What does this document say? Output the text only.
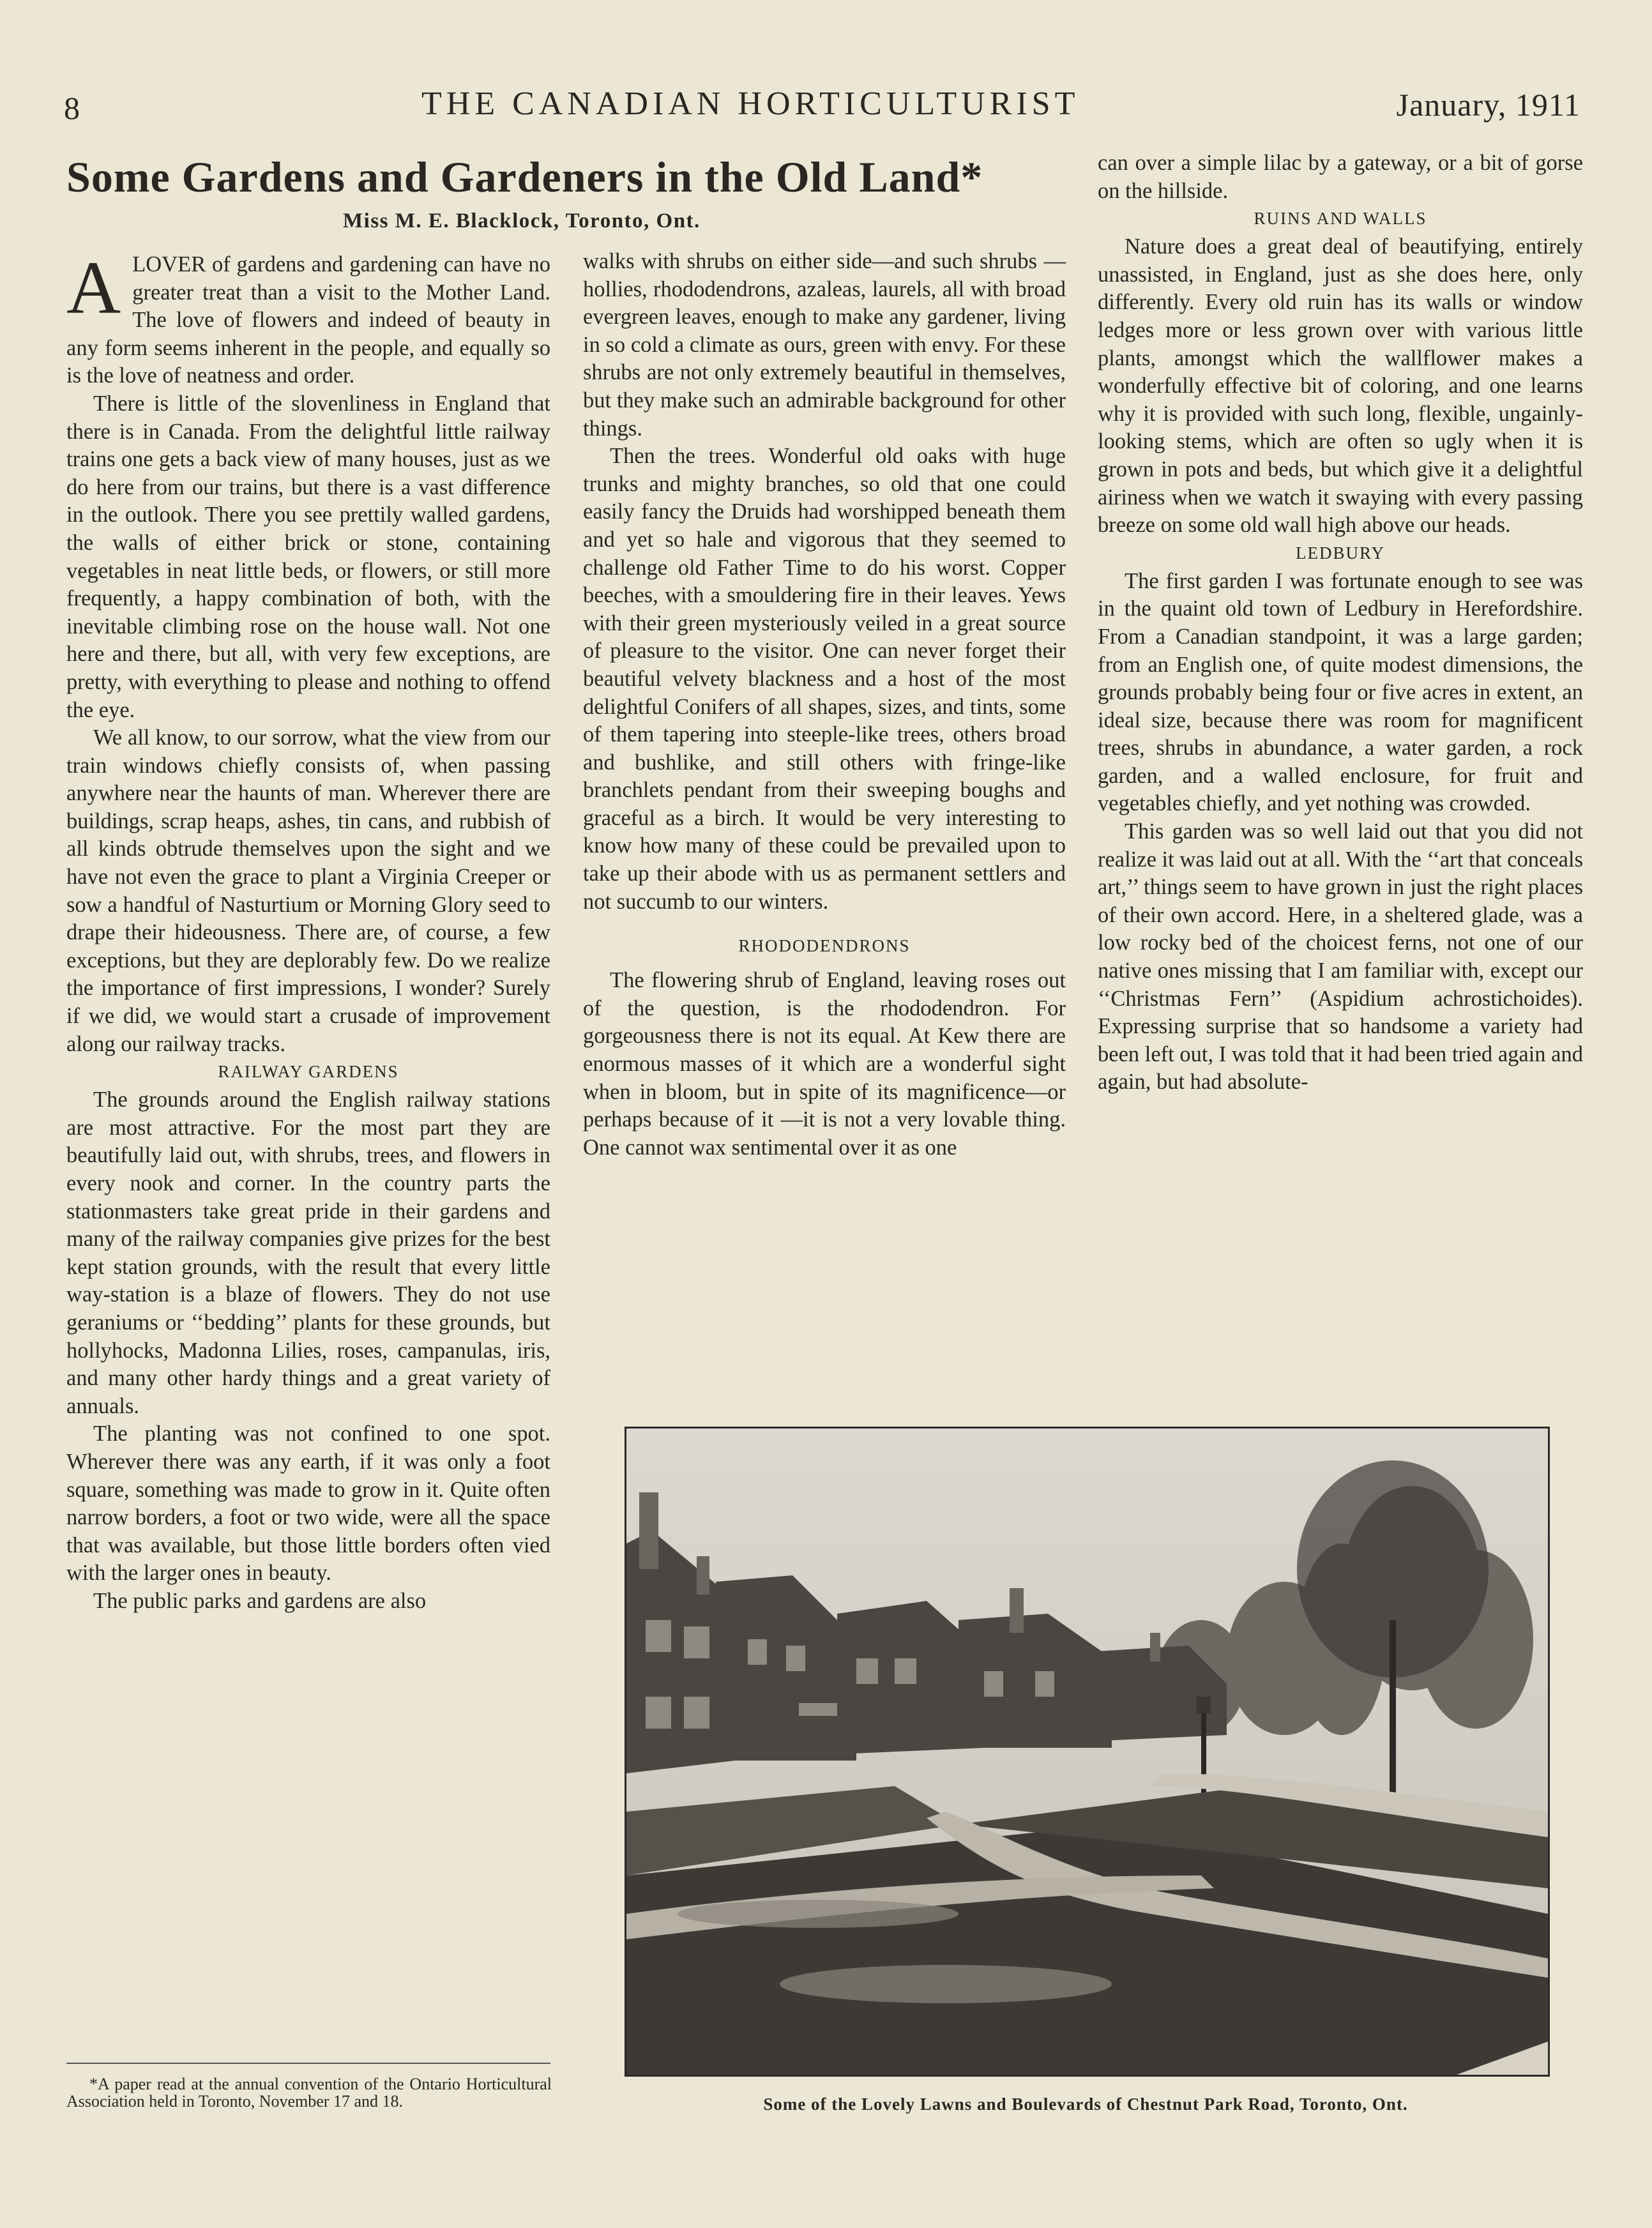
8	THE CANADIAN HORTICULTURIST	January, 1911
Some Gardens and Gardeners in the Old Land*
Miss M. E. Blacklock, Toronto, Ont.

ALOVER of gardens and gardening can have no greater treat than a visit to the Mother Land. The love of flowers and indeed of beauty in any form seems inherent in the people, and equally so is the love of neatness and order.

There is little of the slovenliness in England that there is in Canada. From the delightful little railway trains one gets a back view of many houses, just as we do here from our trains, but there is a vast difference in the outlook. There you see prettily walled gardens, the walls of either brick or stone, containing vegetables in neat little beds, or flowers, or still more frequently, a happy combination of both, with the inevitable climbing rose on the house wall. Not one here and there, but all, with very few exceptions, are pretty, with everything to please and nothing to offend the eye.

We all know, to our sorrow, what the view from our train windows chiefly consists of, when passing anywhere near the haunts of man. Wherever there are buildings, scrap heaps, ashes, tin cans, and rubbish of all kinds obtrude themselves upon the sight and we have not even the grace to plant a Virginia Creeper or sow a handful of Nasturtium or Morning Glory seed to drape their hideousness. There are, of course, a few exceptions, but they are deplorably few. Do we realize the importance of first impressions, I wonder? Surely if we did, we would start a crusade of improvement along our railway tracks.

RAILWAY GARDENS

The grounds around the English railway stations are most attractive. For the most part they are beautifully laid out, with shrubs, trees, and flowers in every nook and corner. In the country parts the stationmasters take great pride in their gardens and many of the railway companies give prizes for the best kept station grounds, with the result that every little way-station is a blaze of flowers. They do not use geraniums or ‘‘bedding’’ plants for these grounds, but hollyhocks, Madonna Lilies, roses, campanulas, iris, and many other hardy things and a great variety of annuals.

The planting was not confined to one spot. Wherever there was any earth, if it was only a foot square, something was made to grow in it. Quite often narrow borders, a foot or two wide, were all the space that was available, but those little borders often vied with the larger ones in beauty.

The public parks and gardens are also

walks with shrubs on either side—and such shrubs — hollies, rhododendrons, azaleas, laurels, all with broad evergreen leaves, enough to make any gardener, living in so cold a climate as ours, green with envy. For these shrubs are not only extremely beautiful in themselves, but they make such an admirable background for other things.

Then the trees. Wonderful old oaks with huge trunks and mighty branches, so old that one could easily fancy the Druids had worshipped beneath them and yet so hale and vigorous that they seemed to challenge old Father Time to do his worst. Copper beeches, with a smouldering fire in their leaves. Yews with their green mysteriously veiled in a great source of pleasure to the visitor. One can never forget their beautiful velvety blackness and a host of the most delightful Conifers of all shapes, sizes, and tints, some of them tapering into steeple-like trees, others broad and bushlike, and still others with fringe-like branchlets pendant from their sweeping boughs and graceful as a birch. It would be very interesting to know how many of these could be prevailed upon to take up their abode with us as permanent settlers and not succumb to our winters.

RHODODENDRONS

The flowering shrub of England, leaving roses out of the question, is the rhododendron. For gorgeousness there is not its equal. At Kew there are enormous masses of it which are a wonderful sight when in bloom, but in spite of its magnificence—or perhaps because of it —it is not a very lovable thing. One cannot wax sentimental over it as one

can over a simple lilac by a gateway, or a bit of gorse on the hillside.

RUINS AND WALLS

Nature does a great deal of beautifying, entirely unassisted, in England, just as she does here, only differently. Every old ruin has its walls or window ledges more or less grown over with various little plants, amongst which the wallflower makes a wonderfully effective bit of coloring, and one learns why it is provided with such long, flexible, ungainly-looking stems, which are often so ugly when it is grown in pots and beds, but which give it a delightful airiness when we watch it swaying with every passing breeze on some old wall high above our heads.

LEDBURY

The first garden I was fortunate enough to see was in the quaint old town of Ledbury in Herefordshire. From a Canadian standpoint, it was a large garden; from an English one, of quite modest dimensions, the grounds probably being four or five acres in extent, an ideal size, because there was room for magnificent trees, shrubs in abundance, a water garden, a rock garden, and a walled enclosure, for fruit and vegetables chiefly, and yet nothing was crowded.

This garden was so well laid out that you did not realize it was laid out at all. With the ‘‘art that conceals art,’’ things seem to have grown in just the right places of their own accord. Here, in a sheltered glade, was a low rocky bed of the choicest ferns, not one of our native ones missing that I am familiar with, except our ‘‘Christmas Fern’’ (Aspidium achrostichoides). Expressing surprise that so handsome a variety had been left out, I was told that it had been tried again and again, but had absolute-

*A paper read at the annual convention of the Ontario Horticultural Association held in Toronto, November 17 and 18.	Some of the Lovely Lawns and Boulevards of Chestnut Park Road, Toronto, Ont.
